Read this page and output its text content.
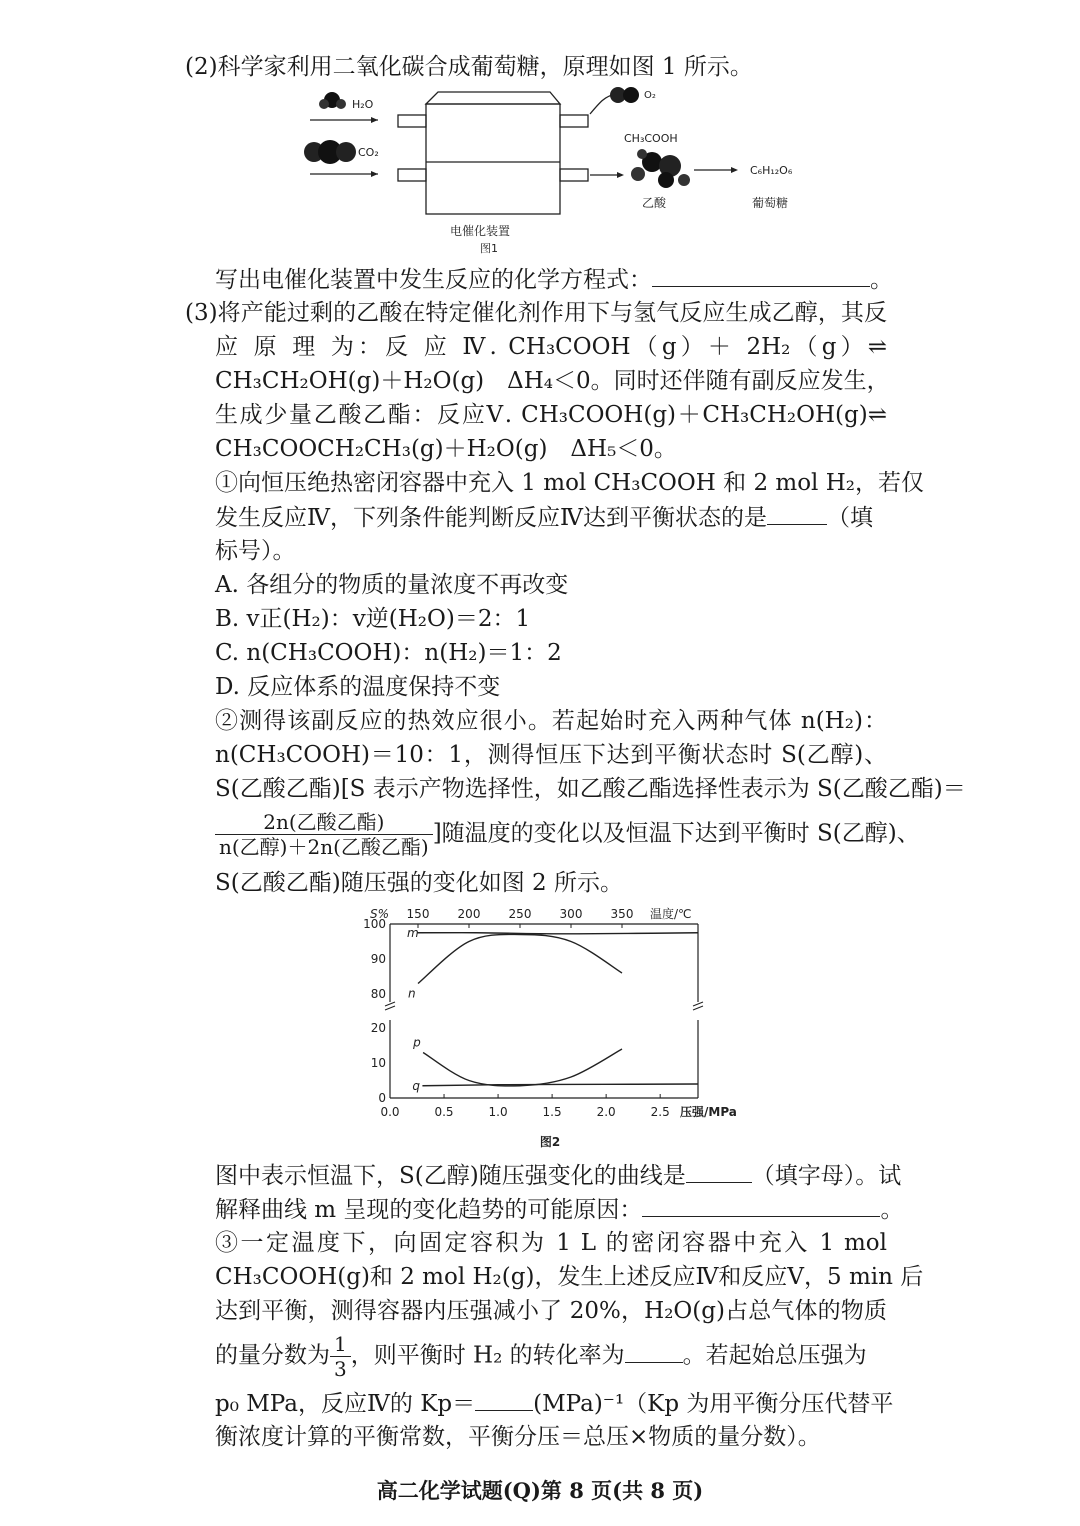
(2)科学家利用二氧化碳合成葡萄糖，原理如图 1 所示。
H₂O
CO₂
O₂
CH₃COOH
乙酸
C₆H₁₂O₆
葡萄糖
电催化装置
图1
写出电催化装置中发生反应的化学方程式：	。
(3)将产能过剩的乙酸在特定催化剂作用下与氢气反应生成乙醇，其反
应 原 理 为：反 应 Ⅳ. CH₃COOH（g）＋ 2H₂（g）⇌
CH₃CH₂OH(g)＋H₂O(g)　ΔH₄＜0。同时还伴随有副反应发生，
生成少量乙酸乙酯：反应Ⅴ. CH₃COOH(g)＋CH₃CH₂OH(g)⇌
CH₃COOCH₂CH₃(g)＋H₂O(g)　ΔH₅＜0。
①向恒压绝热密闭容器中充入 1 mol CH₃COOH 和 2 mol H₂，若仅
发生反应Ⅳ，下列条件能判断反应Ⅳ达到平衡状态的是	（填
标号）。
A. 各组分的物质的量浓度不再改变
B. v正(H₂)：v逆(H₂O)＝2：1
C. n(CH₃COOH)：n(H₂)＝1：2
D. 反应体系的温度保持不变
②测得该副反应的热效应很小。若起始时充入两种气体 n(H₂)：
n(CH₃COOH)＝10：1，测得恒压下达到平衡状态时 S(乙醇)、
S(乙酸乙酯)[S 表示产物选择性，如乙酸乙酯选择性表示为 S(乙酸乙酯)＝
$\frac{\text{2n(乙酸乙酯)}}{\text{n(乙醇)＋2n(乙酸乙酯)}}$ ]随温度的变化以及恒温下达到平衡时 S(乙醇)、
S(乙酸乙酯)随压强的变化如图 2 所示。
S%	温度/℃
150 200 250 300 350
80
90
100
0
10
20
0.0	0.5	1.0	1.5	2.0	2.5 压强/MPa
图2
m
n
p
q
图中表示恒温下，S(乙醇)随压强变化的曲线是	（填字母）。试
解释曲线 m 呈现的变化趋势的可能原因：	。
③一定温度下，向固定容积为 1 L 的密闭容器中充入 1 mol
CH₃COOH(g)和 2 mol H₂(g)，发生上述反应Ⅳ和反应Ⅴ，5 min 后
达到平衡，测得容器内压强减小了 20%，H₂O(g)占总气体的物质
的量分数为 $\frac{1}{3}$ ，则平衡时 H₂ 的转化率为	。若起始总压强为
p₀ MPa，反应Ⅳ的 Kp＝	(MPa)⁻¹（Kp 为用平衡分压代替平
衡浓度计算的平衡常数，平衡分压＝总压×物质的量分数）。
高二化学试题(Q)第 8 页(共 8 页)
